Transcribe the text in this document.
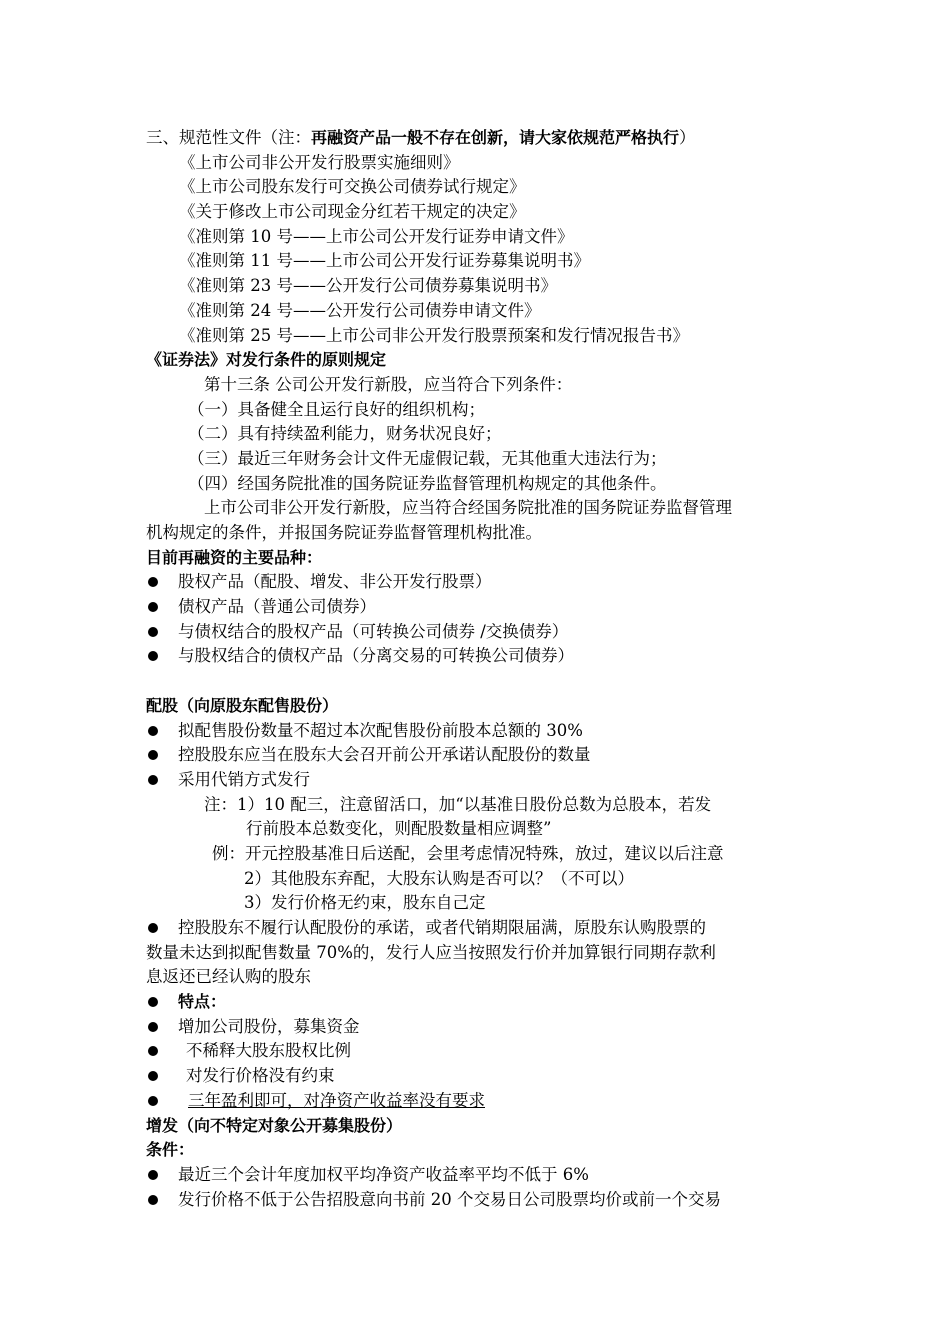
三、规范性文件（注：再融资产品一般不存在创新，请大家依规范严格执行）
《上市公司非公开发行股票实施细则》
《上市公司股东发行可交换公司债券试行规定》
《关于修改上市公司现金分红若干规定的决定》
《准则第 10 号——上市公司公开发行证券申请文件》
《准则第 11 号——上市公司公开发行证券募集说明书》
《准则第 23 号——公开发行公司债券募集说明书》
《准则第 24 号——公开发行公司债券申请文件》
《准则第 25 号——上市公司非公开发行股票预案和发行情况报告书》
《证券法》对发行条件的原则规定
第十三条 公司公开发行新股，应当符合下列条件：
（一）具备健全且运行良好的组织机构；
（二）具有持续盈利能力，财务状况良好；
（三）最近三年财务会计文件无虚假记载，无其他重大违法行为；
（四）经国务院批准的国务院证券监督管理机构规定的其他条件。
上市公司非公开发行新股，应当符合经国务院批准的国务院证券监督管理
机构规定的条件，并报国务院证券监督管理机构批准。
目前再融资的主要品种：
股权产品（配股、增发、非公开发行股票）
债权产品（普通公司债券）
与债权结合的股权产品（可转换公司债券 /交换债券）
与股权结合的债权产品（分离交易的可转换公司债券）
配股（向原股东配售股份）
拟配售股份数量不超过本次配售股份前股本总额的 30%
控股股东应当在股东大会召开前公开承诺认配股份的数量
采用代销方式发行
注：1）10 配三，注意留活口，加“以基准日股份总数为总股本，若发
行前股本总数变化，则配股数量相应调整”
例：开元控股基准日后送配，会里考虑情况特殊，放过，建议以后注意
2）其他股东弃配，大股东认购是否可以？（不可以）
3）发行价格无约束，股东自己定
控股股东不履行认配股份的承诺，或者代销期限届满，原股东认购股票的
数量未达到拟配售数量 70%的，发行人应当按照发行价并加算银行同期存款利
息返还已经认购的股东
特点：
增加公司股份，募集资金
不稀释大股东股权比例
对发行价格没有约束
三年盈利即可，对净资产收益率没有要求
增发（向不特定对象公开募集股份）
条件：
最近三个会计年度加权平均净资产收益率平均不低于 6%
发行价格不低于公告招股意向书前 20 个交易日公司股票均价或前一个交易
